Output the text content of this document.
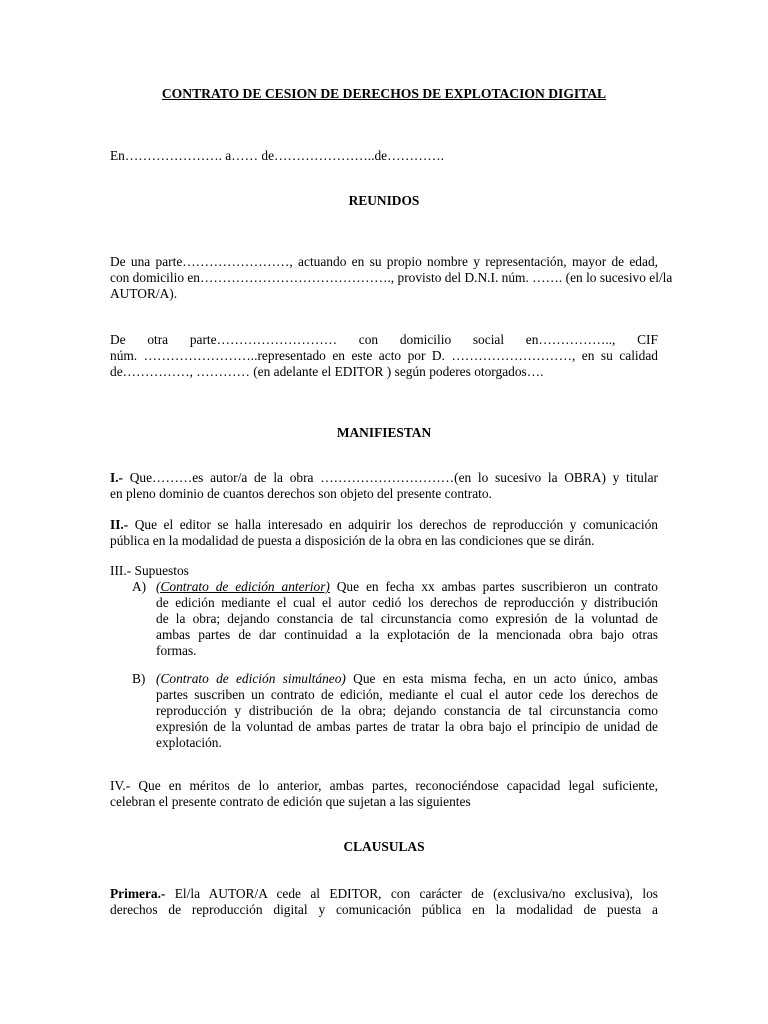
CONTRATO DE CESION DE DERECHOS DE EXPLOTACION DIGITAL
En…………………. a…… de…………………..de………….
REUNIDOS
De una parte……………………, actuando en su propio nombre y representación, mayor de edad,
con domicilio en……………………………………., provisto del D.N.I. núm. ……. (en lo sucesivo el/la
AUTOR/A).
De otra parte……………………… con domicilio social en…………….., CIF
núm. ……………………..representado en este acto por D. ………………………, en su calidad
de……………, ………… (en adelante el EDITOR ) según poderes otorgados….
MANIFIESTAN
I.- Que………es autor/a de la obra …………………………(en lo sucesivo la OBRA) y titular
en pleno dominio de cuantos derechos son objeto del presente contrato.
II.- Que el editor se halla interesado en adquirir los derechos de reproducción y comunicación
pública en la modalidad de puesta a disposición de la obra en las condiciones que se dirán.
III.- Supuestos
A) (Contrato de edición anterior) Que en fecha xx ambas partes suscribieron un contrato
de edición mediante el cual el autor cedió los derechos de reproducción y distribución
de la obra; dejando constancia de tal circunstancia como expresión de la voluntad de
ambas partes de dar continuidad a la explotación de la mencionada obra bajo otras
formas.
B) (Contrato de edición simultáneo) Que en esta misma fecha, en un acto único, ambas
partes suscriben un contrato de edición, mediante el cual el autor cede los derechos de
reproducción y distribución de la obra; dejando constancia de tal circunstancia como
expresión de la voluntad de ambas partes de tratar la obra bajo el principio de unidad de
explotación.
IV.- Que en méritos de lo anterior, ambas partes, reconociéndose capacidad legal suficiente,
celebran el presente contrato de edición que sujetan a las siguientes
CLAUSULAS
Primera.- El/la AUTOR/A cede al EDITOR, con carácter de (exclusiva/no exclusiva), los
derechos de reproducción digital y comunicación pública en la modalidad de puesta a
